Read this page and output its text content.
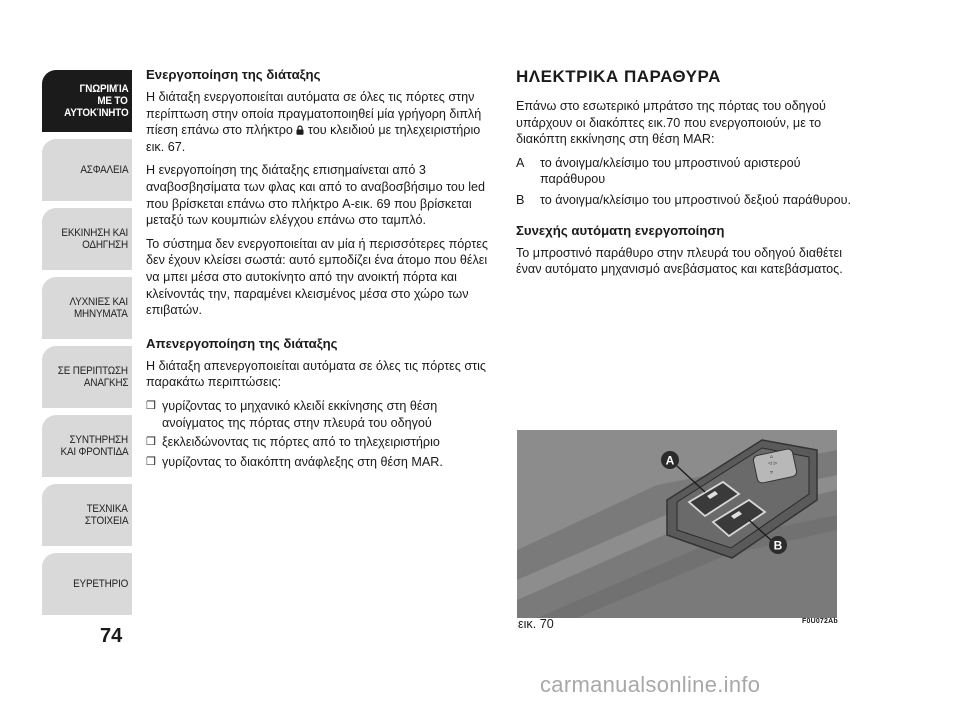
ΓΝΩΡΙΜΊΑ
ΜΕ ΤΟ
ΑΥΤΟΚΊΝΗΤΟ
ΑΣΦΑΛΕΙΑ
ΕΚΚΙΝΗΣΗ ΚΑΙ
ΟΔΗΓΗΣΗ
ΛΥΧΝΙΕΣ ΚΑΙ
ΜΗΝΥΜΑΤΑ
ΣΕ ΠΕΡΙΠΤΩΣΗ
ΑΝΑΓΚΗΣ
ΣΥΝΤΗΡΗΣΗ
ΚΑΙ ΦΡΟΝΤΙΔΑ
ΤΕΧΝΙΚΑ
ΣΤΟΙΧΕΙΑ
ΕΥΡΕΤΗΡΙΟ
74
Ενεργοποίηση της διάταξης

Η διάταξη ενεργοποιείται αυτόματα σε όλες τις πόρτες στην περίπτωση στην οποία πραγματοποιηθεί μία γρήγορη διπλή πίεση επάνω στο πλήκτρο του κλειδιού με τηλεχειριστήριο εικ. 67.

Η ενεργοποίηση της διάταξης επισημαίνεται από 3 αναβοσβησίματα των φλας και από το αναβοσβήσιμο του led που βρίσκεται επάνω στο πλήκτρο A-εικ. 69 που βρίσκεται μεταξύ των κουμπιών ελέγχου επάνω στο ταμπλό.

Το σύστημα δεν ενεργοποιείται αν μία ή περισσότερες πόρτες δεν έχουν κλείσει σωστά: αυτό εμποδίζει ένα άτομο που θέλει να μπει μέσα στο αυτοκίνητο από την ανοικτή πόρτα και κλείνοντάς την, παραμένει κλεισμένος μέσα στο χώρο των επιβατών.

Απενεργοποίηση της διάταξης

Η διάταξη απενεργοποιείται αυτόματα σε όλες τις πόρτες στις παρακάτω περιπτώσεις:

❒ γυρίζοντας το μηχανικό κλειδί εκκίνησης στη θέση ανοίγματος της πόρτας στην πλευρά του οδηγού
❒ ξεκλειδώνοντας τις πόρτες από το τηλεχειριστήριο
❒ γυρίζοντας το διακόπτη ανάφλεξης στη θέση MAR.
ΗΛΕΚΤΡΙΚΑ ΠΑΡΑΘΥΡΑ

Επάνω στο εσωτερικό μπράτσο της πόρτας του οδηγού υπάρχουν οι διακόπτες εικ.70 που ενεργοποιούν, με το διακόπτη εκκίνησης στη θέση MAR:

A το άνοιγμα/κλείσιμο του μπροστινού αριστερού παράθυρου
B το άνοιγμα/κλείσιμο του μπροστινού δεξιού παράθυρου.
Συνεχής αυτόματη ενεργοποίηση

Το μπροστινό παράθυρο στην πλευρά του οδηγού διαθέτει έναν αυτόματο μηχανισμό ανεβάσματος και κατεβάσματος.

◃ ▹
▵
▿
A
B
εικ. 70	F0U072Ab
carmanualsonline.info
